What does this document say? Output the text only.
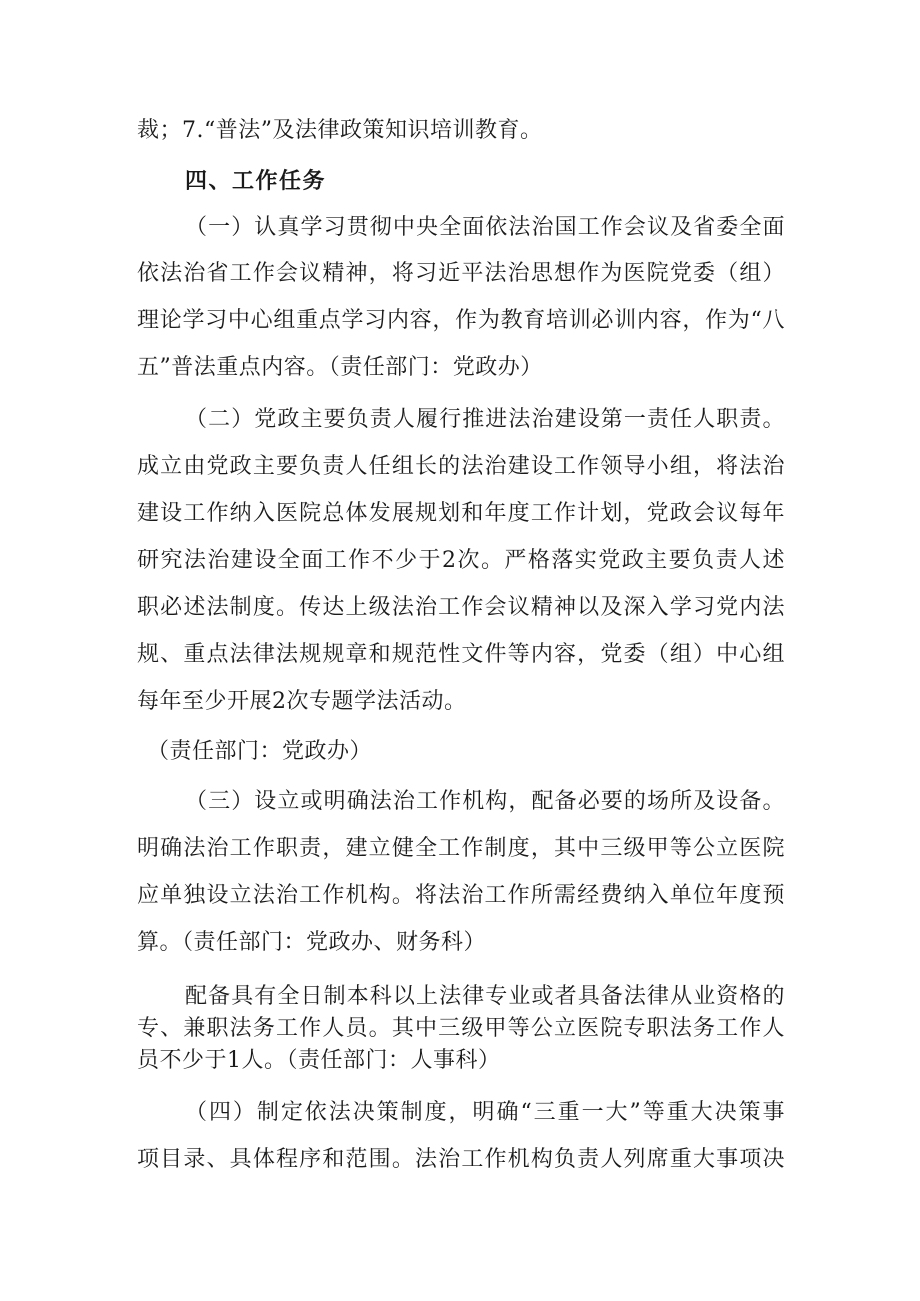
裁；7.“普法”及法律政策知识培训教育。
四、工作任务
（一）认真学习贯彻中央全面依法治国工作会议及省委全面
依法治省工作会议精神，将习近平法治思想作为医院党委（组）
理论学习中心组重点学习内容，作为教育培训必训内容，作为“八
五”普法重点内容。（责任部门：党政办）
（二）党政主要负责人履行推进法治建设第一责任人职责。
成立由党政主要负责人任组长的法治建设工作领导小组，将法治
建设工作纳入医院总体发展规划和年度工作计划，党政会议每年
研究法治建设全面工作不少于2次。严格落实党政主要负责人述
职必述法制度。传达上级法治工作会议精神以及深入学习党内法
规、重点法律法规规章和规范性文件等内容，党委（组）中心组
每年至少开展2次专题学法活动。
（责任部门：党政办）
（三）设立或明确法治工作机构，配备必要的场所及设备。
明确法治工作职责，建立健全工作制度，其中三级甲等公立医院
应单独设立法治工作机构。将法治工作所需经费纳入单位年度预
算。（责任部门：党政办、财务科）
配备具有全日制本科以上法律专业或者具备法律从业资格的
专、兼职法务工作人员。其中三级甲等公立医院专职法务工作人
员不少于1人。（责任部门：人事科）
（四）制定依法决策制度，明确“三重一大”等重大决策事
项目录、具体程序和范围。法治工作机构负责人列席重大事项决
